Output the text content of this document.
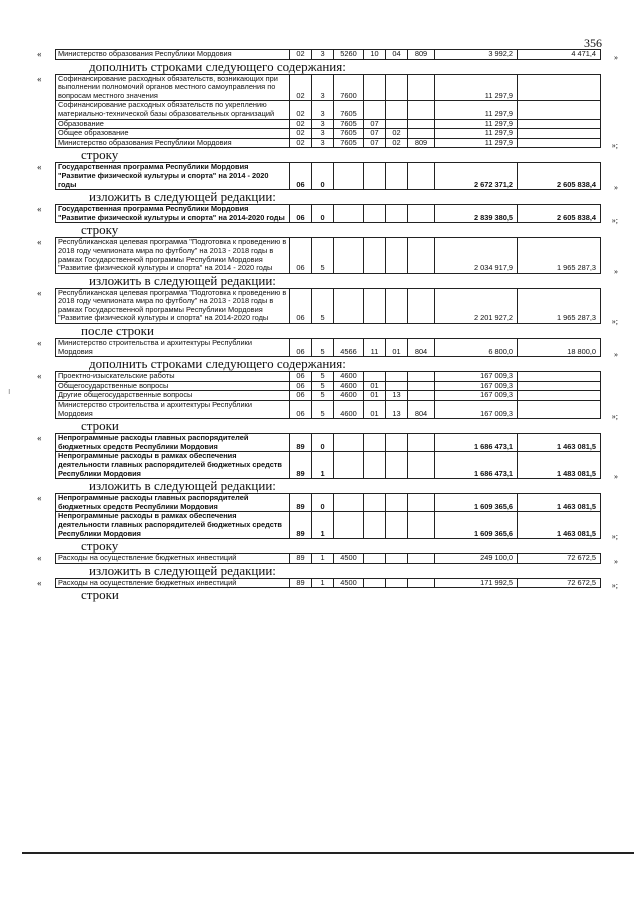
356
ı
« Министерство образования Республики Мордовия	02	3	5260	10	04	809	3 992,2	4 471,4 »
дополнить строками следующего содержания:
« Софинансирование расходных обязательств, возникающих при выполнении полномочий органов местного самоуправления по вопросам местного значения	02	3	7600				11 297,9	
Софинансирование расходных обязательств по укреплению материально-технической базы образовательных организаций	02	3	7605				11 297,9	
Образование	02	3	7605	07			11 297,9	
Общее образование	02	3	7605	07	02		11 297,9	
Министерство образования Республики Мордовия	02	3	7605	07	02	809	11 297,9		»;
строку
« Государственная программа Республики Мордовия "Развитие физической культуры и спорта" на 2014 - 2020 годы	06	0					2 672 371,2	2 605 838,4 »
изложить в следующей редакции:
« Государственная программа Республики Мордовия "Развитие физической культуры и спорта" на 2014-2020 годы	06	0					2 839 380,5	2 605 838,4 »;
строку
« Республиканская целевая программа "Подготовка к проведению в 2018 году чемпионата мира по футболу" на 2013 - 2018 годы в рамках Государственной программы Республики Мордовия "Развитие физической культуры и спорта" на 2014 - 2020 годы	06	5					2 034 917,9	1 965 287,3 »
изложить в следующей редакции:
« Республиканская целевая программа "Подготовка к проведению в 2018 году чемпионата мира по футболу" на 2013 - 2018 годы в рамках Государственной программы Республики Мордовия "Развитие физической культуры и спорта" на 2014-2020 годы	06	5					2 201 927,2	1 965 287,3 »;
после строки
« Министерство строительства и архитектуры Республики Мордовия	06	5	4566	11	01	804	6 800,0	18 800,0 »
дополнить строками следующего содержания:
« Проектно-изыскательские работы	06	5	4600				167 009,3	
Общегосударственные вопросы	06	5	4600	01			167 009,3	
Другие общегосударственные вопросы	06	5	4600	01	13		167 009,3	
Министерство строительства и архитектуры Республики Мордовия	06	5	4600	01	13	804	167 009,3		»;
строки
« Непрограммные расходы главных распорядителей бюджетных средств Республики Мордовия	89	0					1 686 473,1	1 463 081,5
Непрограммные расходы в рамках обеспечения деятельности главных распорядителей бюджетных средств Республики Мордовия	89	1					1 686 473,1	1 483 081,5 »
изложить в следующей редакции:
« Непрограммные расходы главных распорядителей бюджетных средств Республики Мордовия	89	0					1 609 365,6	1 463 081,5
Непрограммные расходы в рамках обеспечения деятельности главных распорядителей бюджетных средств Республики Мордовия	89	1					1 609 365,6	1 463 081,5 »;
строку
« Расходы на осуществление бюджетных инвестиций	89	1	4500				249 100,0	72 672,5 »
изложить в следующей редакции:
« Расходы на осуществление бюджетных инвестиций	89	1	4500				171 992,5	72 672,5 »;
строки
